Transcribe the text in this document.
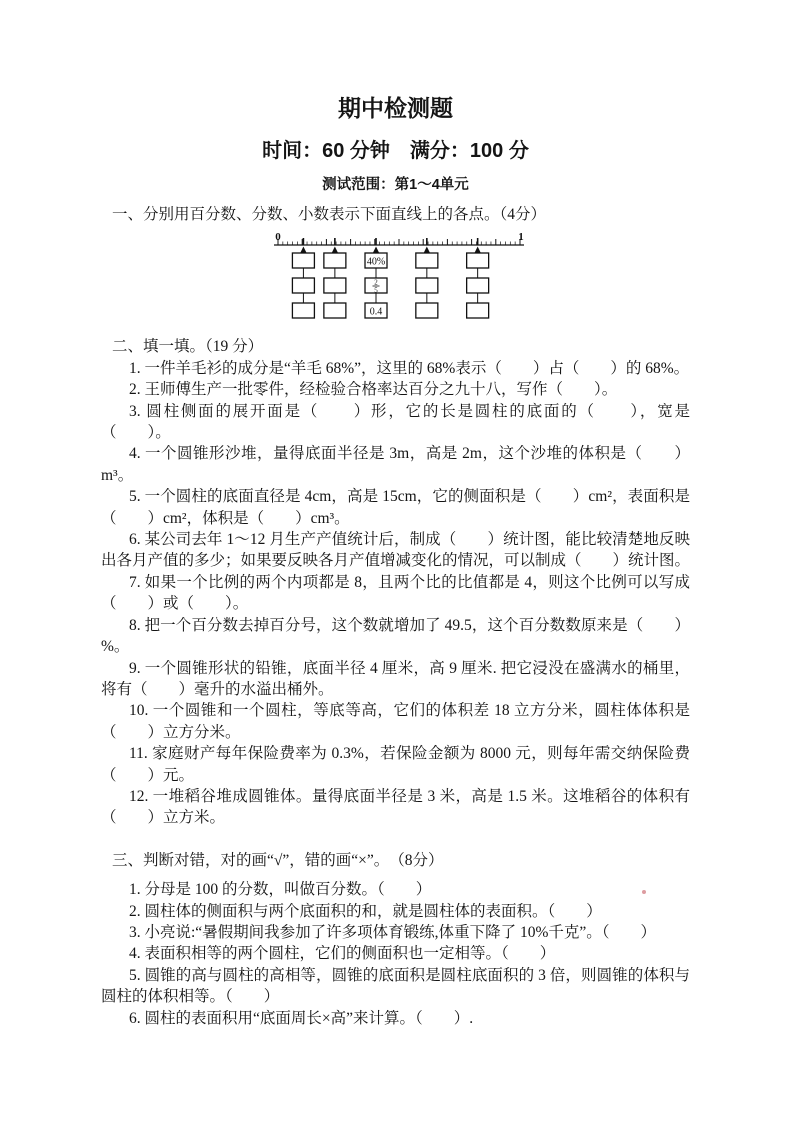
期中检测题
时间：60 分钟　满分：100 分
测试范围：第1～4单元

一、分别用百分数、分数、小数表示下面直线上的各点。（4分）

0	1
40%
2
5
0.4

二、填一填。（19 分）

1. 一件羊毛衫的成分是“羊毛 68%”，这里的 68%表示（　　）占（　　）的 68%。

2. 王师傅生产一批零件，经检验合格率达百分之九十八，写作（　　）。

3. 圆柱侧面的展开面是（　　）形，它的长是圆柱的底面的（　　），宽是（　　）。

4. 一个圆锥形沙堆，量得底面半径是 3m，高是 2m，这个沙堆的体积是（　　）m³。

5. 一个圆柱的底面直径是 4cm，高是 15cm，它的侧面积是（　　）cm²，表面积是（　　）cm²，体积是（　　）cm³。

6. 某公司去年 1～12 月生产产值统计后，制成（　　）统计图，能比较清楚地反映出各月产值的多少；如果要反映各月产值增减变化的情况，可以制成（　　）统计图。

7. 如果一个比例的两个内项都是 8，且两个比的比值都是 4，则这个比例可以写成（　　）或（　　）。

8. 把一个百分数去掉百分号，这个数就增加了 49.5，这个百分数数原来是（　　）%。

9. 一个圆锥形状的铅锥，底面半径 4 厘米，高 9 厘米. 把它浸没在盛满水的桶里，将有（　　）毫升的水溢出桶外。

10. 一个圆锥和一个圆柱，等底等高，它们的体积差 18 立方分米，圆柱体体积是（　　）立方分米。

11. 家庭财产每年保险费率为 0.3%，若保险金额为 8000 元，则每年需交纳保险费（　　）元。

12. 一堆稻谷堆成圆锥体。量得底面半径是 3 米，高是 1.5 米。这堆稻谷的体积有（　　）立方米。

三、判断对错，对的画“√”，错的画“×”。　（8分）

1. 分母是 100 的分数，叫做百分数。（　　）

2. 圆柱体的侧面积与两个底面积的和，就是圆柱体的表面积。（　　）

3. 小亮说:“暑假期间我参加了许多项体育锻练,体重下降了 10%千克”。（　　）

4. 表面积相等的两个圆柱，它们的侧面积也一定相等。（　　）

5. 圆锥的高与圆柱的高相等，圆锥的底面积是圆柱底面积的 3 倍，则圆锥的体积与圆柱的体积相等。（　　）

6. 圆柱的表面积用“底面周长×高”来计算。（　　）.
